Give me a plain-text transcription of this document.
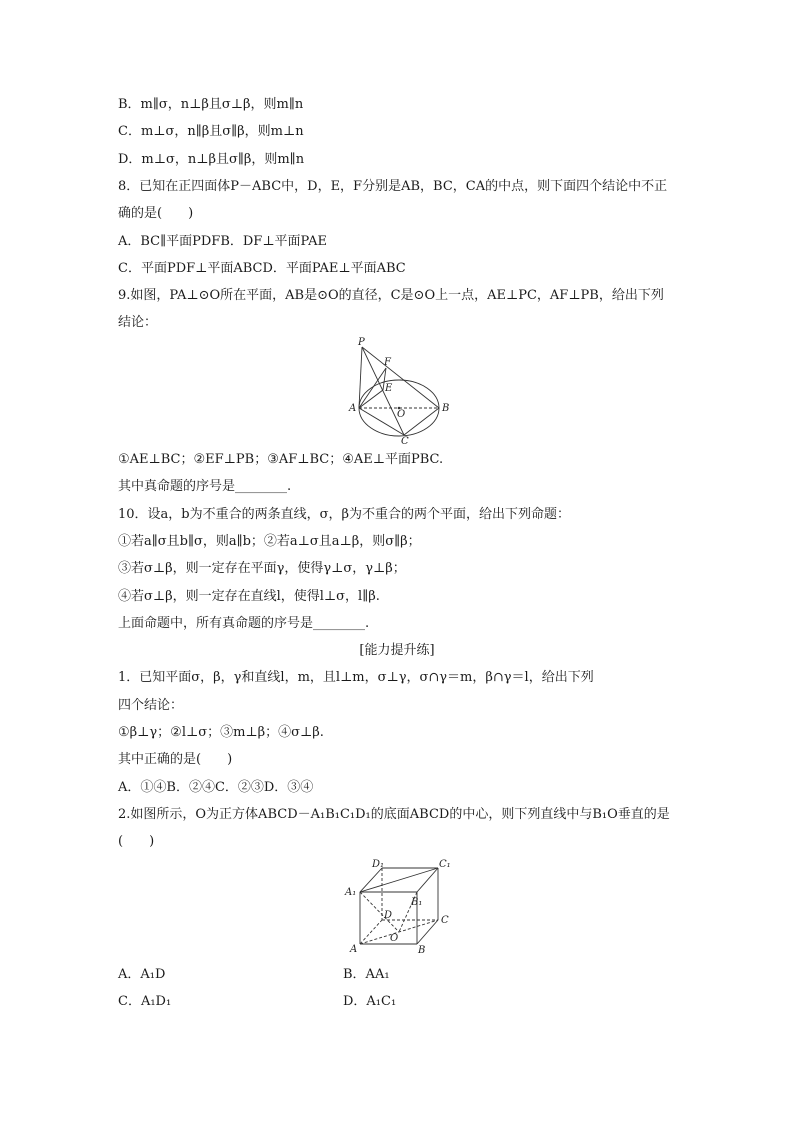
B．m∥σ，n⊥β且σ⊥β，则m∥n
C．m⊥σ，n∥β且σ∥β，则m⊥n
D．m⊥σ，n⊥β且σ∥β，则m∥n
8．已知在正四面体P－ABC中，D，E，F分别是AB，BC，CA的中点，则下面四个结论中不正
确的是(　　)
A．BC∥平面PDFB．DF⊥平面PAE
C．平面PDF⊥平面ABCD．平面PAE⊥平面ABC
9.如图，PA⊥⊙O所在平面，AB是⊙O的直径，C是⊙O上一点，AE⊥PC，AF⊥PB，给出下列
结论：
P
F
E
A
O
B
C
①AE⊥BC；②EF⊥PB；③AF⊥BC；④AE⊥平面PBC.
其中真命题的序号是________.
10．设a，b为不重合的两条直线，σ，β为不重合的两个平面，给出下列命题：
①若a∥σ且b∥σ，则a∥b；②若a⊥σ且a⊥β，则σ∥β；
③若σ⊥β，则一定存在平面γ，使得γ⊥σ，γ⊥β；
④若σ⊥β，则一定存在直线l，使得l⊥σ，l∥β.
上面命题中，所有真命题的序号是________.
[能力提升练]
1．已知平面σ，β，γ和直线l，m，且l⊥m，σ⊥γ，σ∩γ＝m，β∩γ＝l，给出下列
四个结论：
①β⊥γ；②l⊥σ；③m⊥β；④σ⊥β.
其中正确的是(　　)
A．①④B．②④C．②③D．③④
2.如图所示，O为正方体ABCD－A₁B₁C₁D₁的底面ABCD的中心，则下列直线中与B₁O垂直的是
(　　)
D₁	C₁
A₁
B₁
D	C
O
A	B
A．A₁D	B．AA₁
C．A₁D₁	D．A₁C₁
